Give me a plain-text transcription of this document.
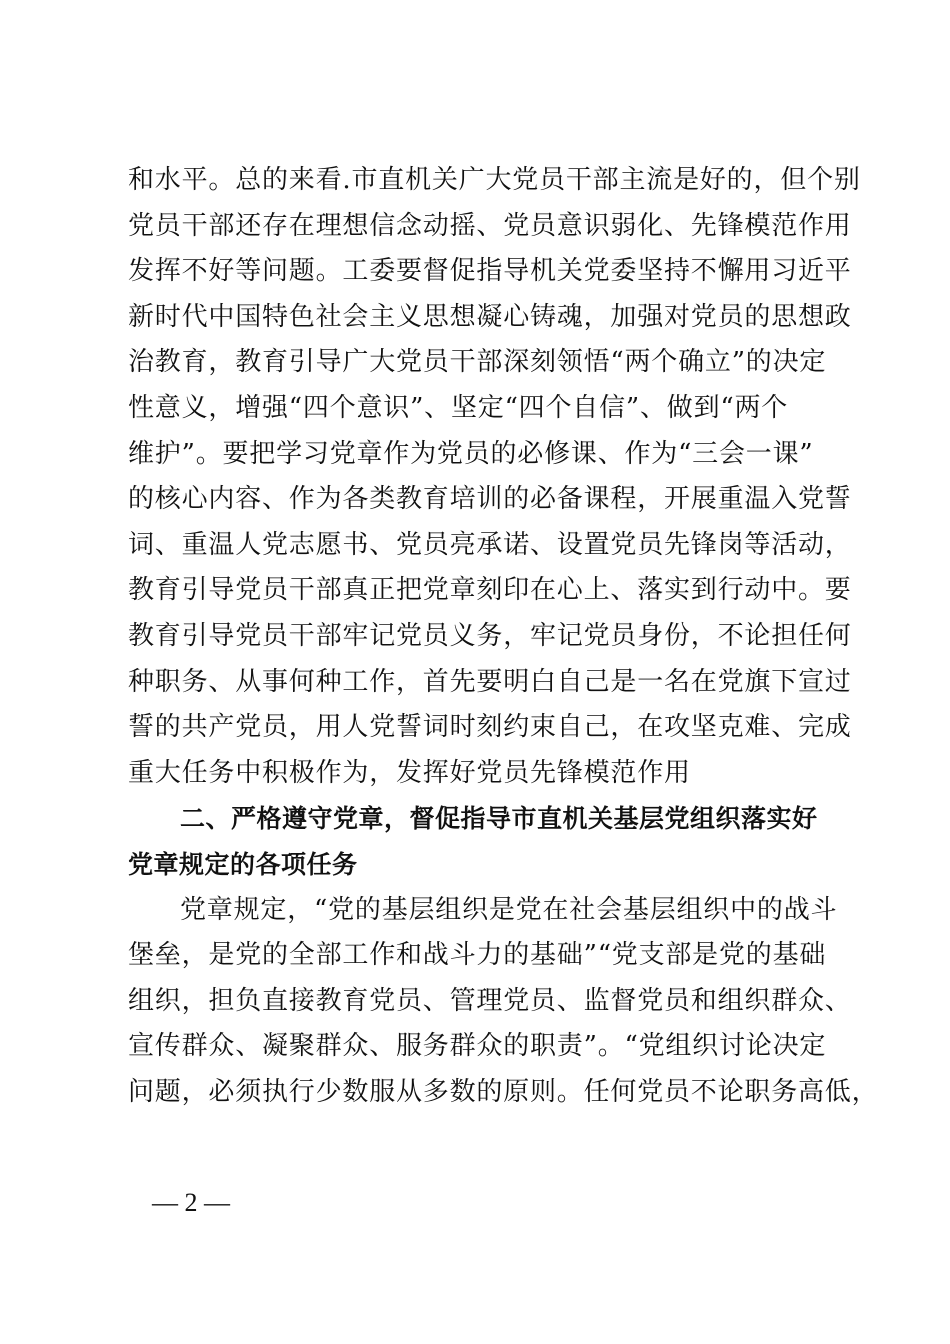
和水平。总的来看.市直机关广大党员干部主流是好的，但个别
党员干部还存在理想信念动摇、党员意识弱化、先锋模范作用
发挥不好等问题。工委要督促指导机关党委坚持不懈用习近平
新时代中国特色社会主义思想凝心铸魂，加强对党员的思想政
治教育，教育引导广大党员干部深刻领悟“两个确立”的决定
性意义，增强“四个意识”、坚定“四个自信”、做到“两个
维护”。要把学习党章作为党员的必修课、作为“三会一课”
的核心内容、作为各类教育培训的必备课程，开展重温入党誓
词、重温人党志愿书、党员亮承诺、设置党员先锋岗等活动，
教育引导党员干部真正把党章刻印在心上、落实到行动中。要
教育引导党员干部牢记党员义务，牢记党员身份，不论担任何
种职务、从事何种工作，首先要明白自己是一名在党旗下宣过
誓的共产党员，用人党誓词时刻约束自己，在攻坚克难、完成
重大任务中积极作为，发挥好党员先锋模范作用
二、严格遵守党章，督促指导市直机关基层党组织落实好
党章规定的各项任务
党章规定，“党的基层组织是党在社会基层组织中的战斗
堡垒，是党的全部工作和战斗力的基础”“党支部是党的基础
组织，担负直接教育党员、管理党员、监督党员和组织群众、
宣传群众、凝聚群众、服务群众的职责”。“党组织讨论决定
问题，必须执行少数服从多数的原则。任何党员不论职务高低，
— 2 —
